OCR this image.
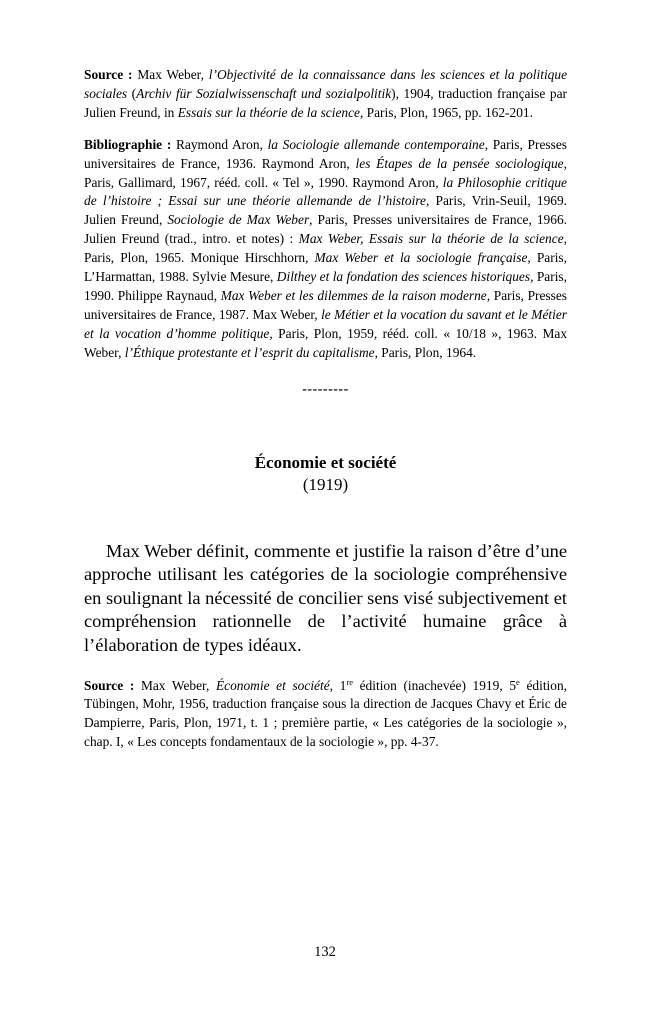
Source : Max Weber, l’Objectivité de la connaissance dans les sciences et la politique sociales (Archiv für Sozialwissenschaft und sozialpolitik), 1904, traduction française par Julien Freund, in Essais sur la théorie de la science, Paris, Plon, 1965, pp. 162-201.

Bibliographie : Raymond Aron, la Sociologie allemande contemporaine, Paris, Presses universitaires de France, 1936. Raymond Aron, les Étapes de la pensée sociologique, Paris, Gallimard, 1967, rééd. coll. « Tel », 1990. Raymond Aron, la Philosophie critique de l’histoire ; Essai sur une théorie allemande de l’histoire, Paris, Vrin-Seuil, 1969. Julien Freund, Sociologie de Max Weber, Paris, Presses universitaires de France, 1966. Julien Freund (trad., intro. et notes) : Max Weber, Essais sur la théorie de la science, Paris, Plon, 1965. Monique Hirschhorn, Max Weber et la sociologie française, Paris, L’Harmattan, 1988. Sylvie Mesure, Dilthey et la fondation des sciences historiques, Paris, 1990. Philippe Raynaud, Max Weber et les dilemmes de la raison moderne, Paris, Presses universitaires de France, 1987. Max Weber, le Métier et la vocation du savant et le Métier et la vocation d’homme politique, Paris, Plon, 1959, rééd. coll. « 10/18 », 1963. Max Weber, l’Éthique protestante et l’esprit du capitalisme, Paris, Plon, 1964.

---------
Économie et société
(1919)

Max Weber définit, commente et justifie la raison d’être d’une approche utilisant les catégories de la sociologie compréhensive en soulignant la nécessité de concilier sens visé subjectivement et compréhension rationnelle de l’activité humaine grâce à l’élaboration de types idéaux.

Source : Max Weber, Économie et société, 1re édition (inachevée) 1919, 5e édition, Tübingen, Mohr, 1956, traduction française sous la direction de Jacques Chavy et Éric de Dampierre, Paris, Plon, 1971, t. 1 ; première partie, « Les catégories de la sociologie », chap. I, « Les concepts fondamentaux de la sociologie », pp. 4-37.

132
